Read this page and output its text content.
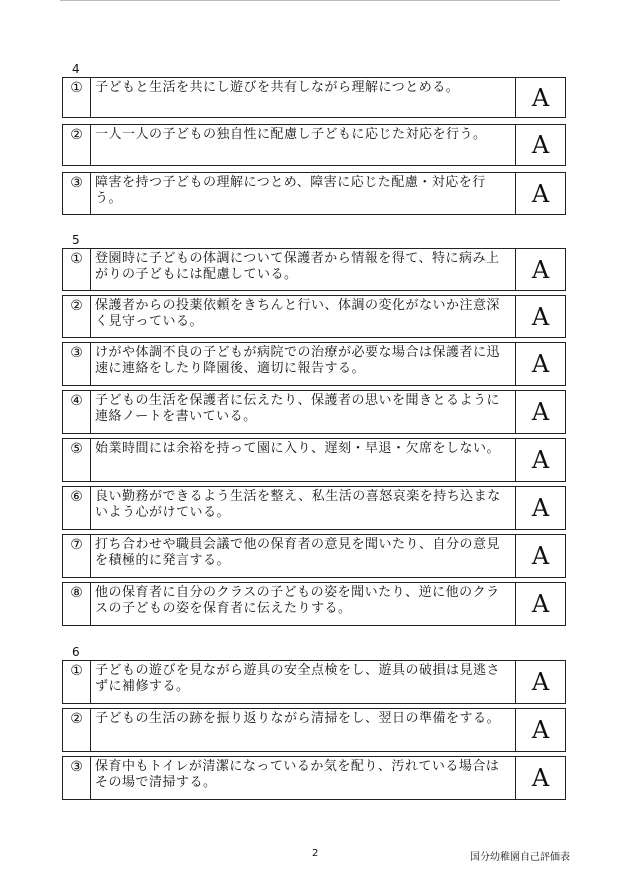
4
① 子どもと生活を共にし遊びを共有しながら理解につとめる。	A
② 一人一人の子どもの独自性に配慮し子どもに応じた対応を行う。	A
③ 障害を持つ子どもの理解につとめ、障害に応じた配慮・対応を行う。	A
5
① 登園時に子どもの体調について保護者から情報を得て、特に病み上がりの子どもには配慮している。	A
② 保護者からの投薬依頼をきちんと行い、体調の変化がないか注意深く見守っている。	A
③ けがや体調不良の子どもが病院での治療が必要な場合は保護者に迅速に連絡をしたり降園後、適切に報告する。	A
④ 子どもの生活を保護者に伝えたり、保護者の思いを聞きとるように連絡ノートを書いている。	A
⑤ 始業時間には余裕を持って園に入り、遅刻・早退・欠席をしない。	A
⑥ 良い勤務ができるよう生活を整え、私生活の喜怒哀楽を持ち込まないよう心がけている。	A
⑦ 打ち合わせや職員会議で他の保育者の意見を聞いたり、自分の意見を積極的に発言する。	A
⑧ 他の保育者に自分のクラスの子どもの姿を聞いたり、逆に他のクラスの子どもの姿を保育者に伝えたりする。	A
6
① 子どもの遊びを見ながら遊具の安全点検をし、遊具の破損は見逃さずに補修する。	A
② 子どもの生活の跡を振り返りながら清掃をし、翌日の準備をする。	A
③ 保育中もトイレが清潔になっているか気を配り、汚れている場合はその場で清掃する。	A
2	国分幼稚園自己評価表
